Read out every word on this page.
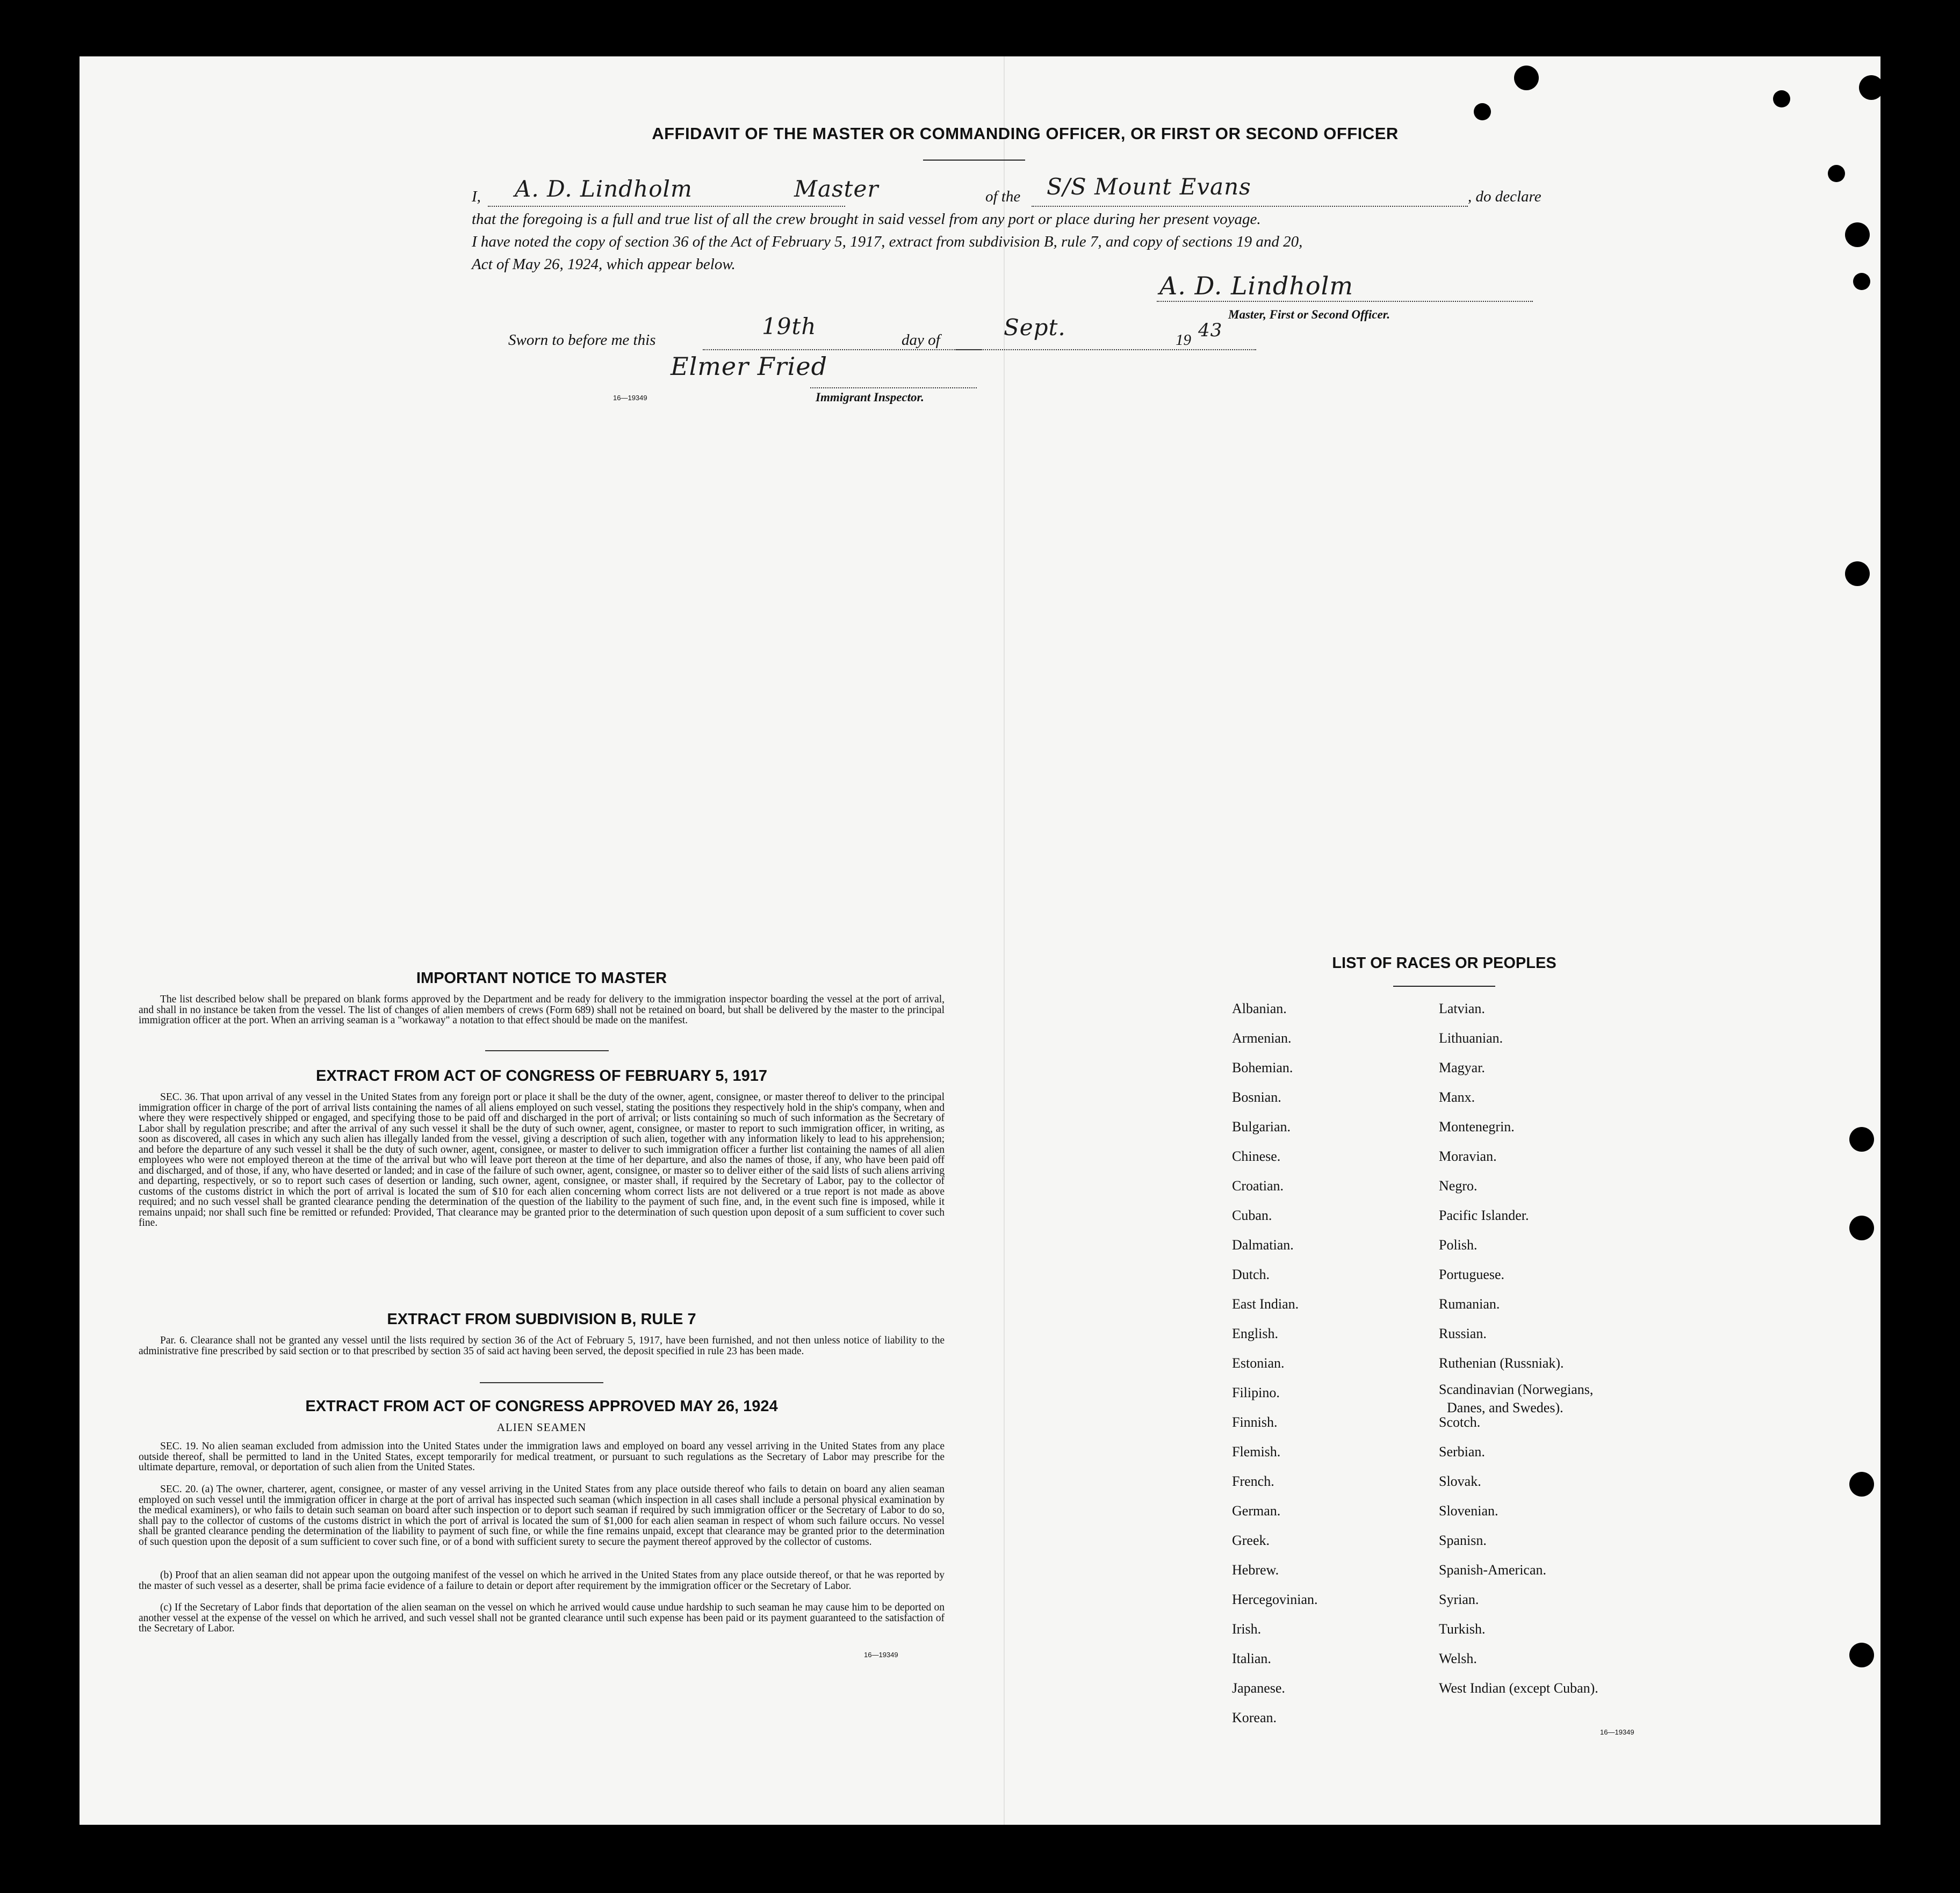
AFFIDAVIT OF THE MASTER OR COMMANDING OFFICER, OR FIRST OR SECOND OFFICER
I, A. D. Lindholm	Master	of the S/S Mount Evans	, do declare
that the foregoing is a full and true list of all the crew brought in said vessel from any port or place during her present voyage.
I have noted the copy of section 36 of the Act of February 5, 1917, extract from subdivision B, rule 7, and copy of sections 19 and 20,
Act of May 26, 1924, which appear below.
A. D. Lindholm
Master, First or Second Officer.
Sworn to before me this
19th
day of	Sept.	19 43
Elmer Fried
16—19349	Immigrant Inspector.
IMPORTANT NOTICE TO MASTER
The list described below shall be prepared on blank forms approved by the Department and be ready for delivery to the immigration inspector boarding the vessel at the port of arrival, and shall in no instance be taken from the vessel. The list of changes of alien members of crews (Form 689) shall not be retained on board, but shall be delivered by the master to the principal immigration officer at the port. When an arriving seaman is a "workaway" a notation to that effect should be made on the manifest.
EXTRACT FROM ACT OF CONGRESS OF FEBRUARY 5, 1917
SEC. 36. That upon arrival of any vessel in the United States from any foreign port or place it shall be the duty of the owner, agent, consignee, or master thereof to deliver to the principal immigration officer in charge of the port of arrival lists containing the names of all aliens employed on such vessel, stating the positions they respectively hold in the ship's company, when and where they were respectively shipped or engaged, and specifying those to be paid off and discharged in the port of arrival; or lists containing so much of such information as the Secretary of Labor shall by regulation prescribe; and after the arrival of any such vessel it shall be the duty of such owner, agent, consignee, or master to report to such immigration officer, in writing, as soon as discovered, all cases in which any such alien has illegally landed from the vessel, giving a description of such alien, together with any information likely to lead to his apprehension; and before the departure of any such vessel it shall be the duty of such owner, agent, consignee, or master to deliver to such immigration officer a further list containing the names of all alien employees who were not employed thereon at the time of the arrival but who will leave port thereon at the time of her departure, and also the names of those, if any, who have been paid off and discharged, and of those, if any, who have deserted or landed; and in case of the failure of such owner, agent, consignee, or master so to deliver either of the said lists of such aliens arriving and departing, respectively, or so to report such cases of desertion or landing, such owner, agent, consignee, or master shall, if required by the Secretary of Labor, pay to the collector of customs of the customs district in which the port of arrival is located the sum of $10 for each alien concerning whom correct lists are not delivered or a true report is not made as above required; and no such vessel shall be granted clearance pending the determination of the question of the liability to the payment of such fine, and, in the event such fine is imposed, while it remains unpaid; nor shall such fine be remitted or refunded: Provided, That clearance may be granted prior to the determination of such question upon deposit of a sum sufficient to cover such fine.
EXTRACT FROM SUBDIVISION B, RULE 7
Par. 6. Clearance shall not be granted any vessel until the lists required by section 36 of the Act of February 5, 1917, have been furnished, and not then unless notice of liability to the administrative fine prescribed by said section or to that prescribed by section 35 of said act having been served, the deposit specified in rule 23 has been made.
EXTRACT FROM ACT OF CONGRESS APPROVED MAY 26, 1924
ALIEN SEAMEN
SEC. 19. No alien seaman excluded from admission into the United States under the immigration laws and employed on board any vessel arriving in the United States from any place outside thereof, shall be permitted to land in the United States, except temporarily for medical treatment, or pursuant to such regulations as the Secretary of Labor may prescribe for the ultimate departure, removal, or deportation of such alien from the United States.
SEC. 20. (a) The owner, charterer, agent, consignee, or master of any vessel arriving in the United States from any place outside thereof who fails to detain on board any alien seaman employed on such vessel until the immigration officer in charge at the port of arrival has inspected such seaman (which inspection in all cases shall include a personal physical examination by the medical examiners), or who fails to detain such seaman on board after such inspection or to deport such seaman if required by such immigration officer or the Secretary of Labor to do so, shall pay to the collector of customs of the customs district in which the port of arrival is located the sum of $1,000 for each alien seaman in respect of whom such failure occurs. No vessel shall be granted clearance pending the determination of the liability to payment of such fine, or while the fine remains unpaid, except that clearance may be granted prior to the determination of such question upon the deposit of a sum sufficient to cover such fine, or of a bond with sufficient surety to secure the payment thereof approved by the collector of customs.
(b) Proof that an alien seaman did not appear upon the outgoing manifest of the vessel on which he arrived in the United States from any place outside thereof, or that he was reported by the master of such vessel as a deserter, shall be prima facie evidence of a failure to detain or deport after requirement by the immigration officer or the Secretary of Labor.
(c) If the Secretary of Labor finds that deportation of the alien seaman on the vessel on which he arrived would cause undue hardship to such seaman he may cause him to be deported on another vessel at the expense of the vessel on which he arrived, and such vessel shall not be granted clearance until such expense has been paid or its payment guaranteed to the satisfaction of the Secretary of Labor.
16—19349
LIST OF RACES OR PEOPLES
Albanian.
Armenian.
Bohemian.
Bosnian.
Bulgarian.
Chinese.
Croatian.
Cuban.
Dalmatian.
Dutch.
East Indian.
English.
Estonian.
Filipino.
Finnish.
Flemish.
French.
German.
Greek.
Hebrew.
Hercegovinian.
Irish.
Italian.
Japanese.
Korean.
Latvian.
Lithuanian.
Magyar.
Manx.
Montenegrin.
Moravian.
Negro.
Pacific Islander.
Polish.
Portuguese.
Rumanian.
Russian.
Ruthenian (Russniak).
Scandinavian (Norwegians,
Danes, and Swedes).
Scotch.
Serbian.
Slovak.
Slovenian.
Spanisn.
Spanish-American.
Syrian.
Turkish.
Welsh.
West Indian (except Cuban).
16—19349
